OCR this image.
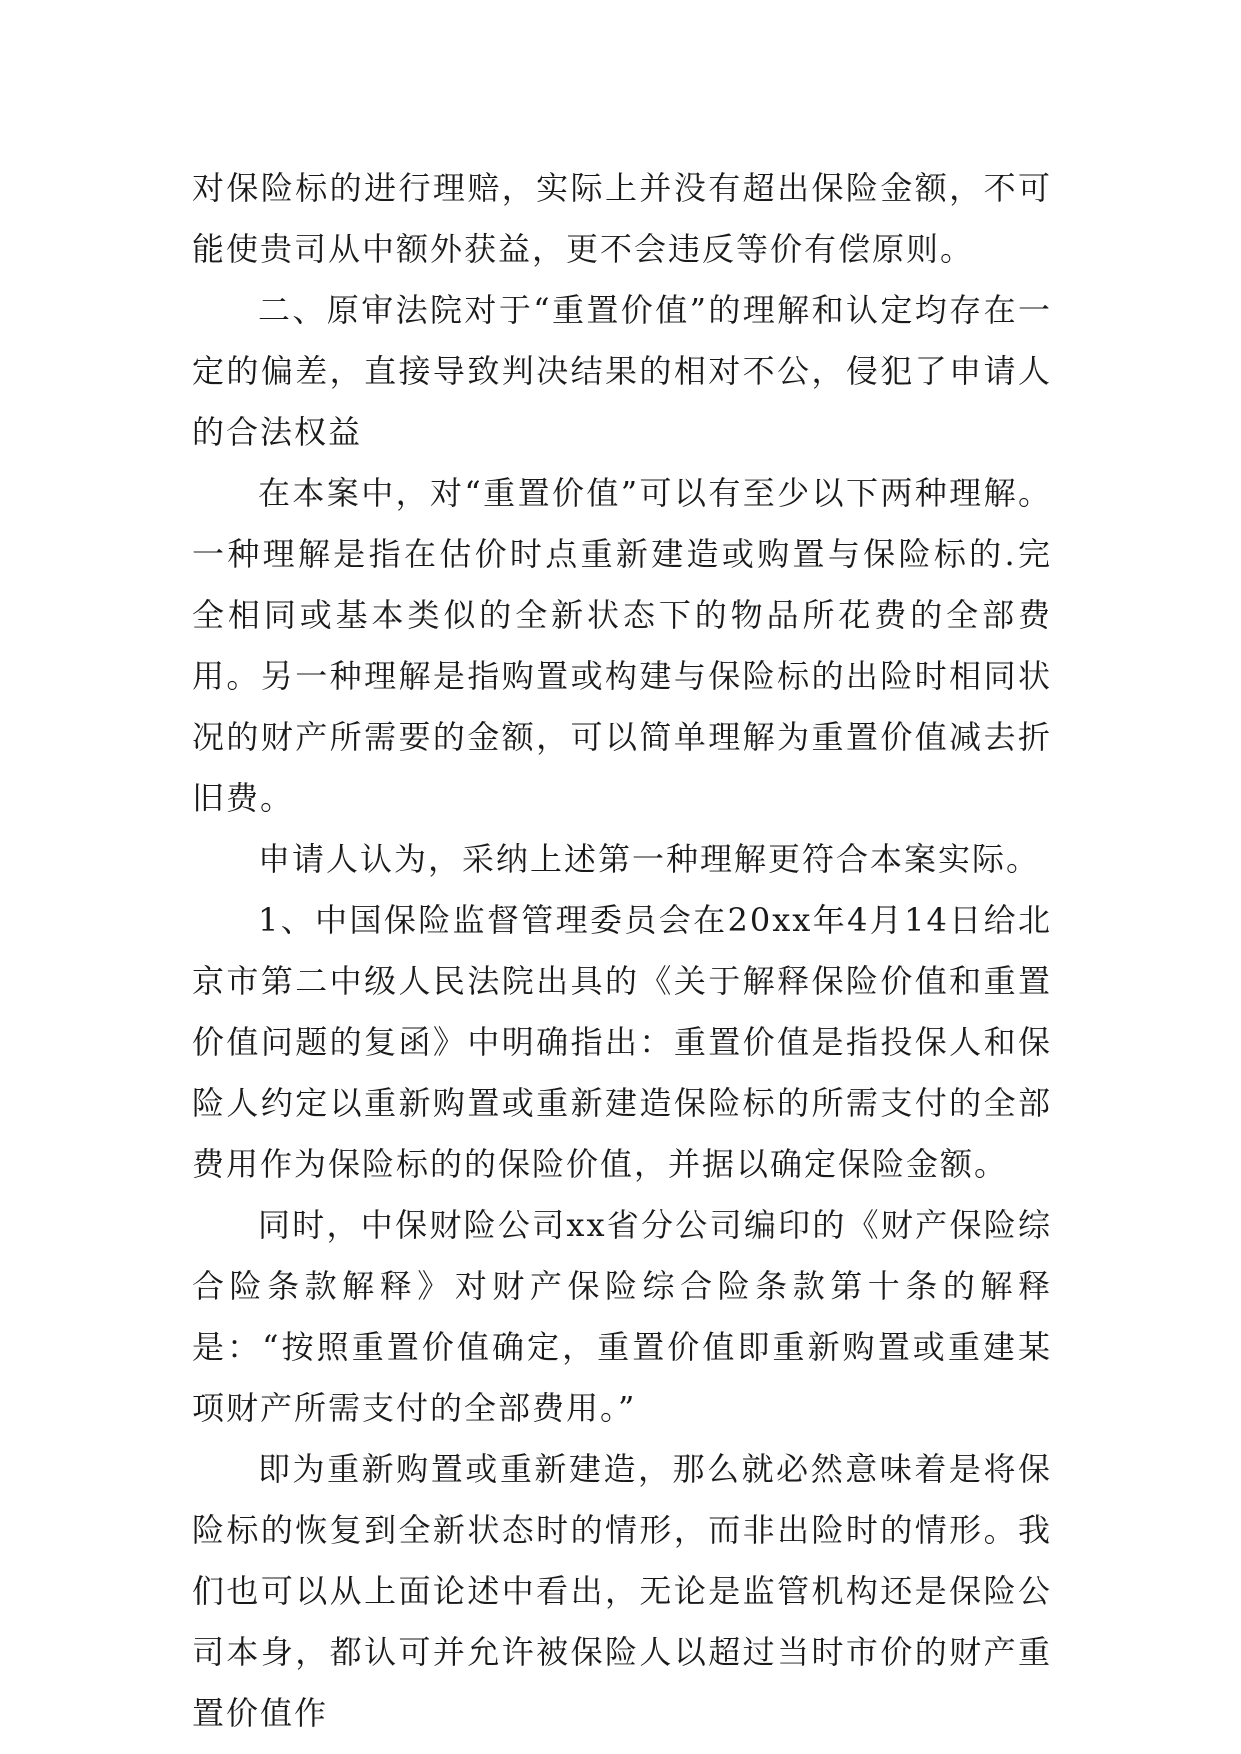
对保险标的进行理赔，实际上并没有超出保险金额，不可能使贵司从中额外获益，更不会违反等价有偿原则。

二、原审法院对于“重置价值”的理解和认定均存在一定的偏差，直接导致判决结果的相对不公，侵犯了申请人的合法权益

在本案中，对“重置价值”可以有至少以下两种理解。一种理解是指在估价时点重新建造或购置与保险标的.完全相同或基本类似的全新状态下的物品所花费的全部费用。另一种理解是指购置或构建与保险标的出险时相同状况的财产所需要的金额，可以简单理解为重置价值减去折旧费。

申请人认为，采纳上述第一种理解更符合本案实际。

1、中国保险监督管理委员会在20xx年4月14日给北京市第二中级人民法院出具的《关于解释保险价值和重置价值问题的复函》中明确指出：重置价值是指投保人和保险人约定以重新购置或重新建造保险标的所需支付的全部费用作为保险标的的保险价值，并据以确定保险金额。

同时，中保财险公司xx省分公司编印的《财产保险综合险条款解释》对财产保险综合险条款第十条的解释是：“按照重置价值确定，重置价值即重新购置或重建某项财产所需支付的全部费用。”

即为重新购置或重新建造，那么就必然意味着是将保险标的恢复到全新状态时的情形，而非出险时的情形。我们也可以从上面论述中看出，无论是监管机构还是保险公司本身，都认可并允许被保险人以超过当时市价的财产重置价值作
